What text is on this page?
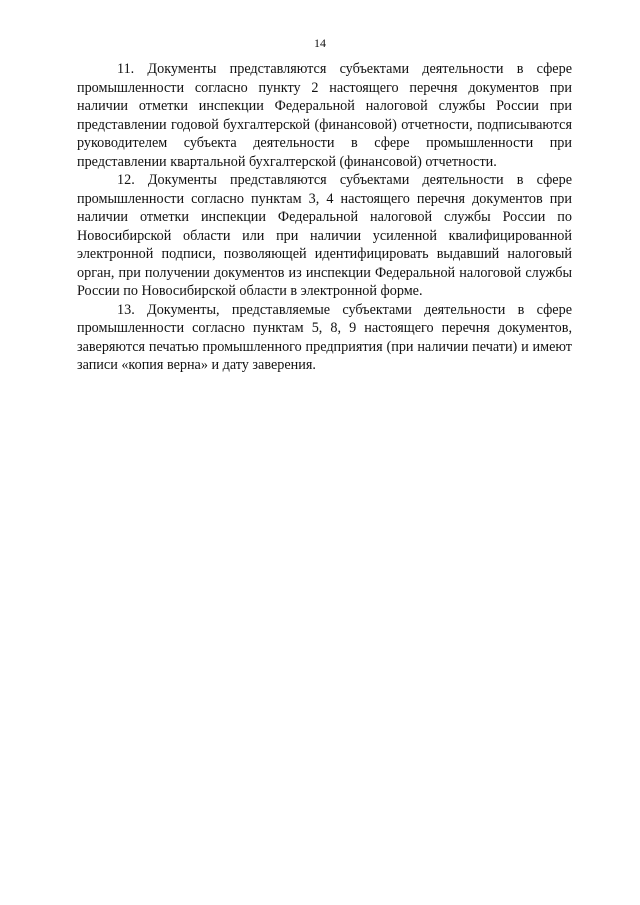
14

11. Документы представляются субъектами деятельности в сфере промышленности согласно пункту 2 настоящего перечня документов при наличии отметки инспекции Федеральной налоговой службы России при представлении годовой бухгалтерской (финансовой) отчетности, подписываются руководителем субъекта деятельности в сфере промышленности при представлении квартальной бухгалтерской (финансовой) отчетности.

12. Документы представляются субъектами деятельности в сфере промышленности согласно пунктам 3, 4 настоящего перечня документов при наличии отметки инспекции Федеральной налоговой службы России по Новосибирской области или при наличии усиленной квалифицированной электронной подписи, позволяющей идентифицировать выдавший налоговый орган, при получении документов из инспекции Федеральной налоговой службы России по Новосибирской области в электронной форме.

13. Документы, представляемые субъектами деятельности в сфере промышленности согласно пунктам 5, 8, 9 настоящего перечня документов, заверяются печатью промышленного предприятия (при наличии печати) и имеют записи «копия верна» и дату заверения.
